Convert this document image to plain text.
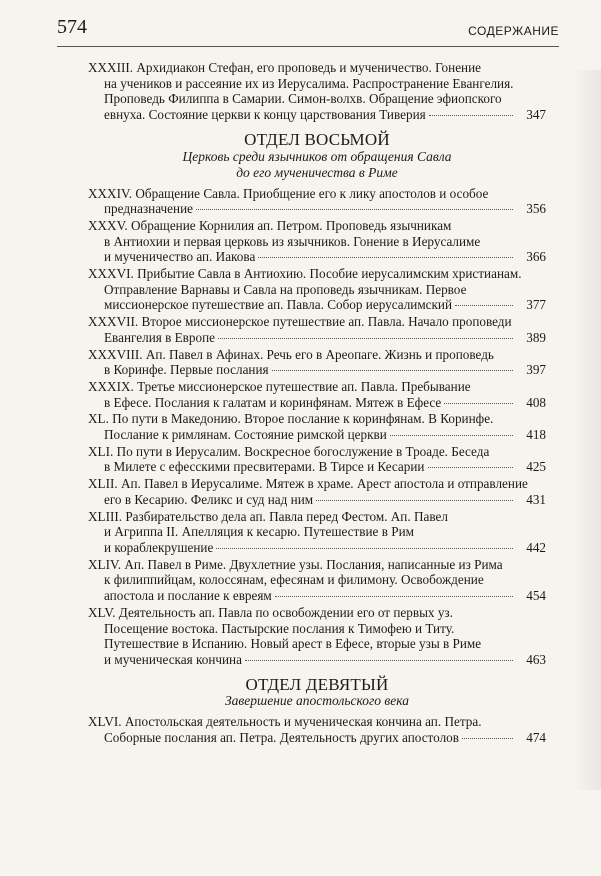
574	СОДЕРЖАНИЕ
XXXIII. Архидиакон Стефан, его проповедь и мученичество. Гонение
на учеников и рассеяние их из Иерусалима. Распространение Евангелия.
Проповедь Филиппа в Самарии. Симон-волхв. Обращение эфиопского
евнуха. Состояние церкви к концу царствования Тиверия	347
ОТДЕЛ ВОСЬМОЙ
Церковь среди язычников от обращения Савла
до его мученичества в Риме
XXXIV. Обращение Савла. Приобщение его к лику апостолов и особое
предназначение	356
XXXV. Обращение Корнилия ап. Петром. Проповедь язычникам
в Антиохии и первая церковь из язычников. Гонение в Иерусалиме
и мученичество ап. Иакова	366
XXXVI. Прибытие Савла в Антиохию. Пособие иерусалимским христианам.
Отправление Варнавы и Савла на проповедь язычникам. Первое
миссионерское путешествие ап. Павла. Собор иерусалимский	377
XXXVII. Второе миссионерское путешествие ап. Павла. Начало проповеди
Евангелия в Европе	389
XXXVIII. Ап. Павел в Афинах. Речь его в Ареопаге. Жизнь и проповедь
в Коринфе. Первые послания	397
XXXIX. Третье миссионерское путешествие ап. Павла. Пребывание
в Ефесе. Послания к галатам и коринфянам. Мятеж в Ефесе	408
XL. По пути в Македонию. Второе послание к коринфянам. В Коринфе.
Послание к римлянам. Состояние римской церкви	418
XLI. По пути в Иерусалим. Воскресное богослужение в Троаде. Беседа
в Милете с ефесскими пресвитерами. В Тирсе и Кесарии	425
XLII. Ап. Павел в Иерусалиме. Мятеж в храме. Арест апостола и отправление
его в Кесарию. Феликс и суд над ним	431
XLIII. Разбирательство дела ап. Павла перед Фестом. Ап. Павел
и Агриппа II. Апелляция к кесарю. Путешествие в Рим
и кораблекрушение	442
XLIV. Ап. Павел в Риме. Двухлетние узы. Послания, написанные из Рима
к филиппийцам, колоссянам, ефесянам и филимону. Освобождение
апостола и послание к евреям	454
XLV. Деятельность ап. Павла по освобождении его от первых уз.
Посещение востока. Пастырские послания к Тимофею и Титу.
Путешествие в Испанию. Новый арест в Ефесе, вторые узы в Риме
и мученическая кончина	463
ОТДЕЛ ДЕВЯТЫЙ
Завершение апостольского века
XLVI. Апостольская деятельность и мученическая кончина ап. Петра.
Соборные послания ап. Петра. Деятельность других апостолов	474
